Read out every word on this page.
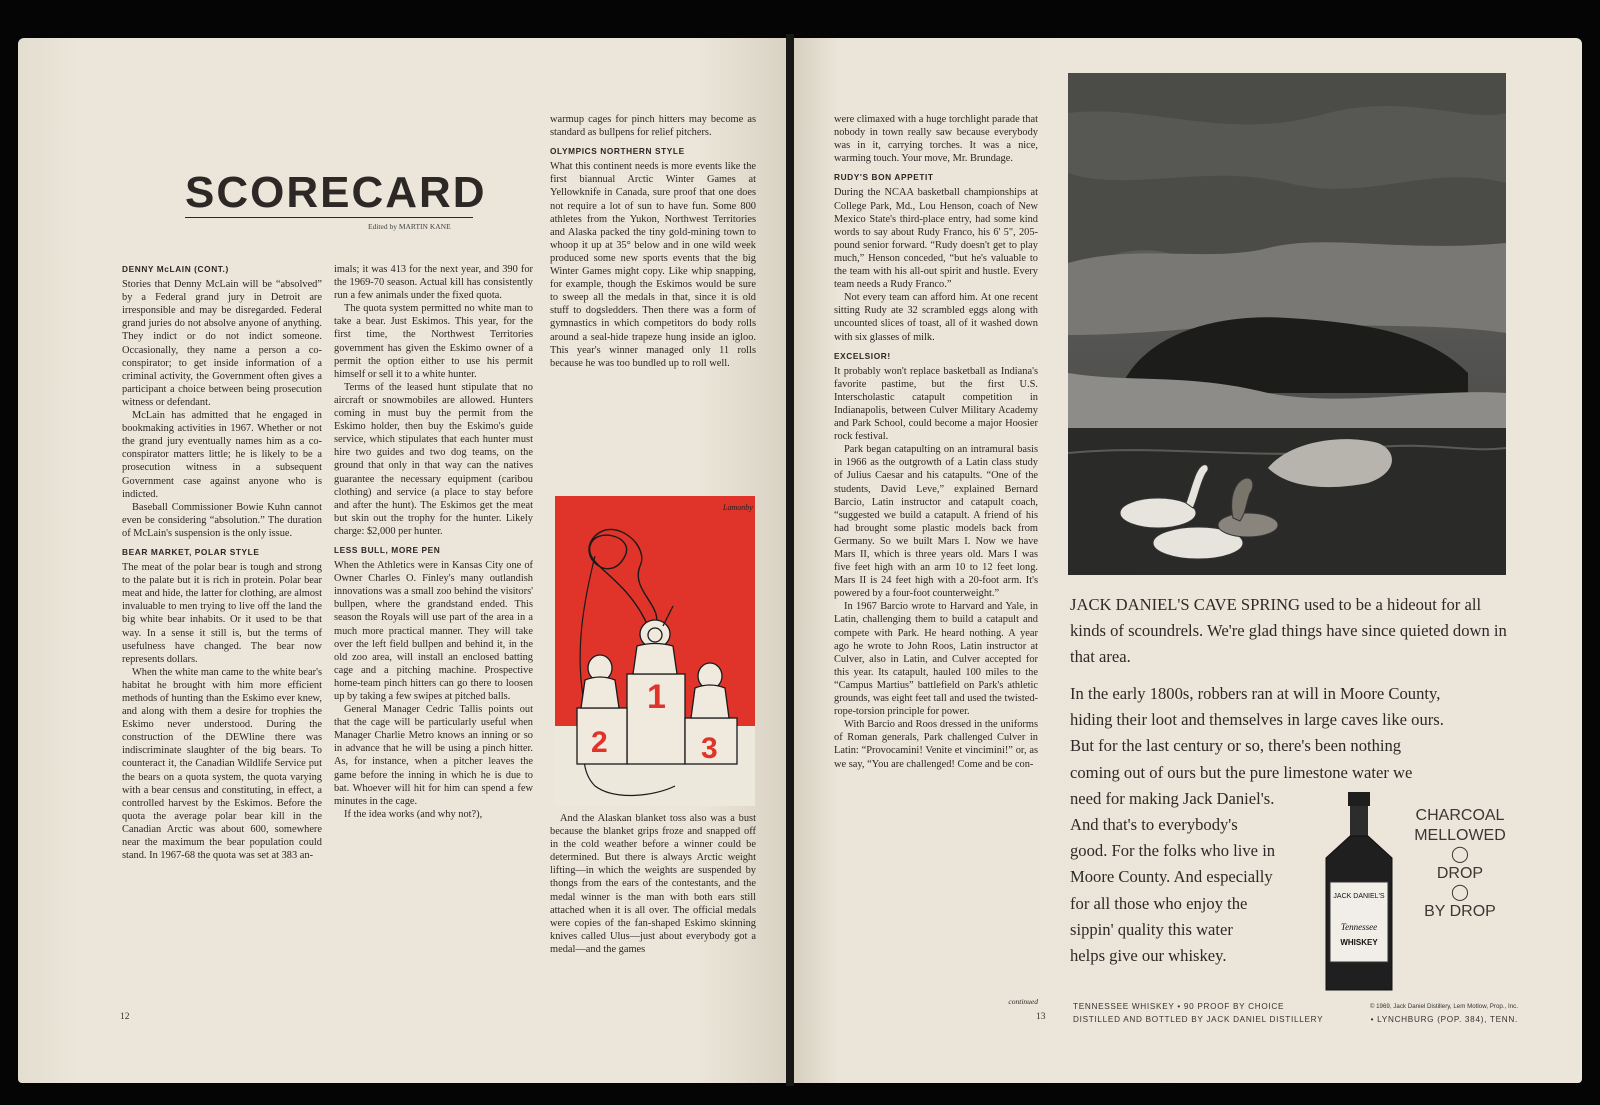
SCORECARD
Edited by MARTIN KANE
DENNY McLAIN (CONT.)

Stories that Denny McLain will be “absolved” by a Federal grand jury in Detroit are irresponsible and may be disregarded. Federal grand juries do not absolve anyone of anything. They indict or do not indict someone. Occasionally, they name a person a co-conspirator; to get inside information of a criminal activity, the Government often gives a participant a choice between being prosecution witness or defendant.

McLain has admitted that he engaged in bookmaking activities in 1967. Whether or not the grand jury eventually names him as a co-conspirator matters little; he is likely to be a prosecution witness in a subsequent Government case against anyone who is indicted.

Baseball Commissioner Bowie Kuhn cannot even be considering “absolution.” The duration of McLain's suspension is the only issue.

BEAR MARKET, POLAR STYLE

The meat of the polar bear is tough and strong to the palate but it is rich in protein. Polar bear meat and hide, the latter for clothing, are almost invaluable to men trying to live off the land the big white bear inhabits. Or it used to be that way. In a sense it still is, but the terms of usefulness have changed. The bear now represents dollars.

When the white man came to the white bear's habitat he brought with him more efficient methods of hunting than the Eskimo ever knew, and along with them a desire for trophies the Eskimo never understood. During the construction of the DEWline there was indiscriminate slaughter of the big bears. To counteract it, the Canadian Wildlife Service put the bears on a quota system, the quota varying with a bear census and constituting, in effect, a controlled harvest by the Eskimos. Before the quota the average polar bear kill in the Canadian Arctic was about 600, somewhere near the maximum the bear population could stand. In 1967-68 the quota was set at 383 an-

imals; it was 413 for the next year, and 390 for the 1969-70 season. Actual kill has consistently run a few animals under the fixed quota.

The quota system permitted no white man to take a bear. Just Eskimos. This year, for the first time, the Northwest Territories government has given the Eskimo owner of a permit the option either to use his permit himself or sell it to a white hunter.

Terms of the leased hunt stipulate that no aircraft or snowmobiles are allowed. Hunters coming in must buy the permit from the Eskimo holder, then buy the Eskimo's guide service, which stipulates that each hunter must hire two guides and two dog teams, on the ground that only in that way can the natives guarantee the necessary equipment (caribou clothing) and service (a place to stay before and after the hunt). The Eskimos get the meat but skin out the trophy for the hunter. Likely charge: $2,000 per hunter.

LESS BULL, MORE PEN

When the Athletics were in Kansas City one of Owner Charles O. Finley's many outlandish innovations was a small zoo behind the visitors' bullpen, where the grandstand ended. This season the Royals will use part of the area in a much more practical manner. They will take over the left field bullpen and behind it, in the old zoo area, will install an enclosed batting cage and a pitching machine. Prospective home-team pinch hitters can go there to loosen up by taking a few swipes at pitched balls.

General Manager Cedric Tallis points out that the cage will be particularly useful when Manager Charlie Metro knows an inning or so in advance that he will be using a pinch hitter. As, for instance, when a pitcher leaves the game before the inning in which he is due to bat. Whoever will hit for him can spend a few minutes in the cage.

If the idea works (and why not?),

warmup cages for pinch hitters may become as standard as bullpens for relief pitchers.

OLYMPICS NORTHERN STYLE

What this continent needs is more events like the first biannual Arctic Winter Games at Yellowknife in Canada, sure proof that one does not require a lot of sun to have fun. Some 800 athletes from the Yukon, Northwest Territories and Alaska packed the tiny gold-mining town to whoop it up at 35° below and in one wild week produced some new sports events that the big Winter Games might copy. Like whip snapping, for example, though the Eskimos would be sure to sweep all the medals in that, since it is old stuff to dogsledders. Then there was a form of gymnastics in which competitors do body rolls around a seal-hide trapeze hung inside an igloo. This year's winner managed only 11 rolls because he was too bundled up to roll well.

And the Alaskan blanket toss also was a bust because the blanket grips froze and snapped off in the cold weather before a winner could be determined. But there is always Arctic weight lifting—in which the weights are suspended by thongs from the ears of the contestants, and the medal winner is the man with both ears still attached when it is all over. The official medals were copies of the fan-shaped Eskimo skinning knives called Ulus—just about everybody got a medal—and the games

were climaxed with a huge torchlight parade that nobody in town really saw because everybody was in it, carrying torches. It was a nice, warming touch. Your move, Mr. Brundage.

RUDY'S BON APPETIT

During the NCAA basketball championships at College Park, Md., Lou Henson, coach of New Mexico State's third-place entry, had some kind words to say about Rudy Franco, his 6' 5", 205-pound senior forward. “Rudy doesn't get to play much,” Henson conceded, “but he's valuable to the team with his all-out spirit and hustle. Every team needs a Rudy Franco.”

Not every team can afford him. At one recent sitting Rudy ate 32 scrambled eggs along with uncounted slices of toast, all of it washed down with six glasses of milk.

EXCELSIOR!

It probably won't replace basketball as Indiana's favorite pastime, but the first U.S. Interscholastic catapult competition in Indianapolis, between Culver Military Academy and Park School, could become a major Hoosier rock festival.

Park began catapulting on an intramural basis in 1966 as the outgrowth of a Latin class study of Julius Caesar and his catapults. “One of the students, David Leve,” explained Bernard Barcio, Latin instructor and catapult coach, “suggested we build a catapult. A friend of his had brought some plastic models back from Germany. So we built Mars I. Now we have Mars II, which is three years old. Mars I was five feet high with an arm 10 to 12 feet long. Mars II is 24 feet high with a 20-foot arm. It's powered by a four-foot counterweight.”

In 1967 Barcio wrote to Harvard and Yale, in Latin, challenging them to build a catapult and compete with Park. He heard nothing. A year ago he wrote to John Roos, Latin instructor at Culver, also in Latin, and Culver accepted for this year. Its catapult, hauled 100 miles to the “Campus Martius” battlefield on Park's athletic grounds, was eight feet tall and used the twisted-rope-torsion principle for power.

With Barcio and Roos dressed in the uniforms of Roman generals, Park challenged Culver in Latin: “Provocamini! Venite et vincimini!” or, as we say, “You are challenged! Come and be con-

continued
12	13
Lamonby
1
2	3

JACK DANIEL'S CAVE SPRING used to be a hideout for all kinds of scoundrels. We're glad things have since quieted down in that area.

In the early 1800s, robbers ran at will in Moore County,
hiding their loot and themselves in large caves like ours.
But for the last century or so, there's been nothing
coming out of ours but the pure limestone water we
need for making Jack Daniel's.
And that's to everybody's
good. For the folks who live in
Moore County. And especially
for all those who enjoy the
sippin' quality this water
helps give our whiskey.
CHARCOAL
MELLOWED
◯
DROP
◯
BY DROP
JACK DANIEL'S
Tennessee
WHISKEY
TENNESSEE WHISKEY • 90 PROOF BY CHOICE	© 1969, Jack Daniel Distillery, Lem Motlow, Prop., Inc.
DISTILLED AND BOTTLED BY JACK DANIEL DISTILLERY	• LYNCHBURG (POP. 384), TENN.
